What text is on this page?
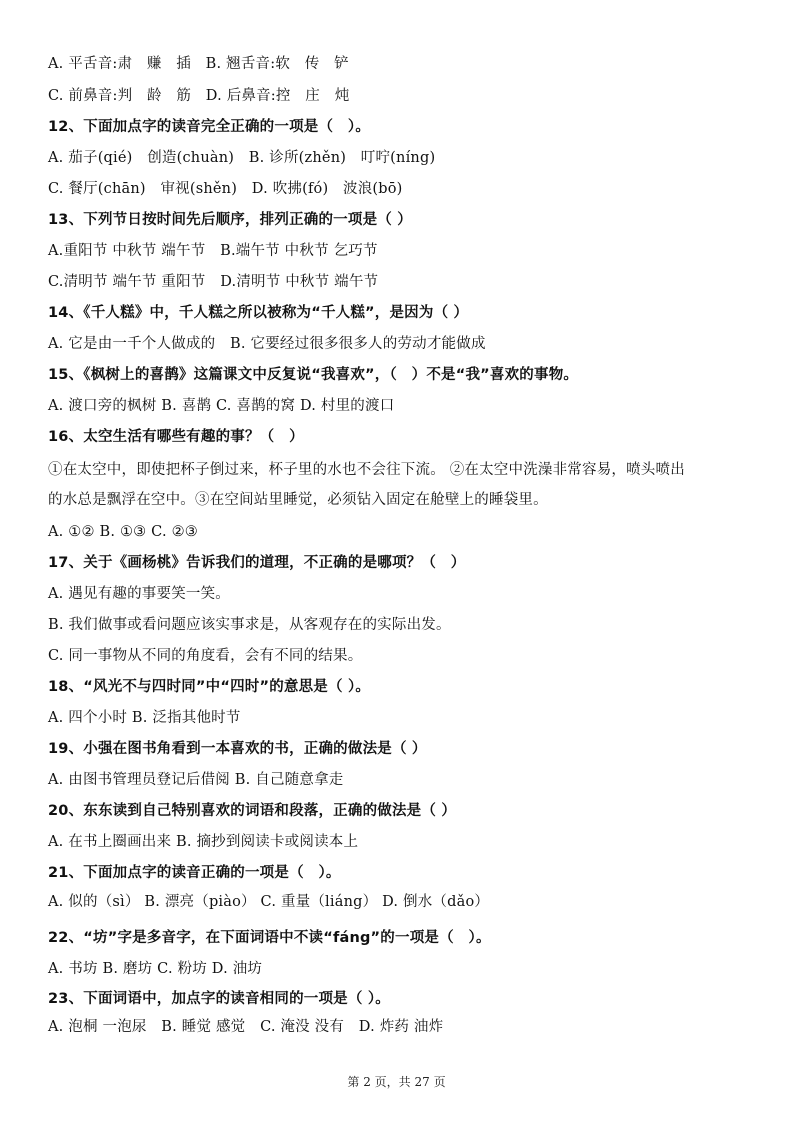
A. 平舌音:肃　赚　插　B. 翘舌音:软　传　铲
C. 前鼻音:判　龄　筋　D. 后鼻音:控　庄　炖
12、下面加点字的读音完全正确的一项是（　）。
A. 茄子(qié)　创造(chuàn)　B. 诊所(zhěn)　叮咛(níng)
C. 餐厅(chān)　审视(shěn)　D. 吹拂(fó)　波浪(bō)
13、下列节日按时间先后顺序，排列正确的一项是（ ）
A.重阳节 中秋节 端午节　B.端午节 中秋节 乞巧节
C.清明节 端午节 重阳节　D.清明节 中秋节 端午节
14、《千人糕》中，千人糕之所以被称为“千人糕”，是因为（ ）
A. 它是由一千个人做成的　B. 它要经过很多很多人的劳动才能做成
15、《枫树上的喜鹊》这篇课文中反复说“我喜欢”，（　）不是“我”喜欢的事物。
A. 渡口旁的枫树 B. 喜鹊 C. 喜鹊的窝 D. 村里的渡口
16、太空生活有哪些有趣的事？（　）
①在太空中，即使把杯子倒过来，杯子里的水也不会往下流。 ②在太空中洗澡非常容易，喷头喷出
的水总是飘浮在空中。③在空间站里睡觉，必须钻入固定在舱壁上的睡袋里。
A. ①② B. ①③ C. ②③
17、关于《画杨桃》告诉我们的道理，不正确的是哪项？（　）
A. 遇见有趣的事要笑一笑。
B. 我们做事或看问题应该实事求是，从客观存在的实际出发。
C. 同一事物从不同的角度看，会有不同的结果。
18、“风光不与四时同”中“四时”的意思是（ ）。
A. 四个小时 B. 泛指其他时节
19、小强在图书角看到一本喜欢的书，正确的做法是（ ）
A. 由图书管理员登记后借阅 B. 自己随意拿走
20、东东读到自己特别喜欢的词语和段落，正确的做法是（ ）
A. 在书上圈画出来 B. 摘抄到阅读卡或阅读本上
21、下面加点字的读音正确的一项是（　）。
A. 似的（sì） B. 漂亮（piào） C. 重量（liáng） D. 倒水（dǎo）
22、“坊”字是多音字，在下面词语中不读“fáng”的一项是（　）。
A. 书坊 B. 磨坊 C. 粉坊 D. 油坊
23、下面词语中，加点字的读音相同的一项是（ ）。
A. 泡桐 一泡尿　B. 睡觉 感觉　C. 淹没 没有　D. 炸药 油炸
第 2 页，共 27 页
